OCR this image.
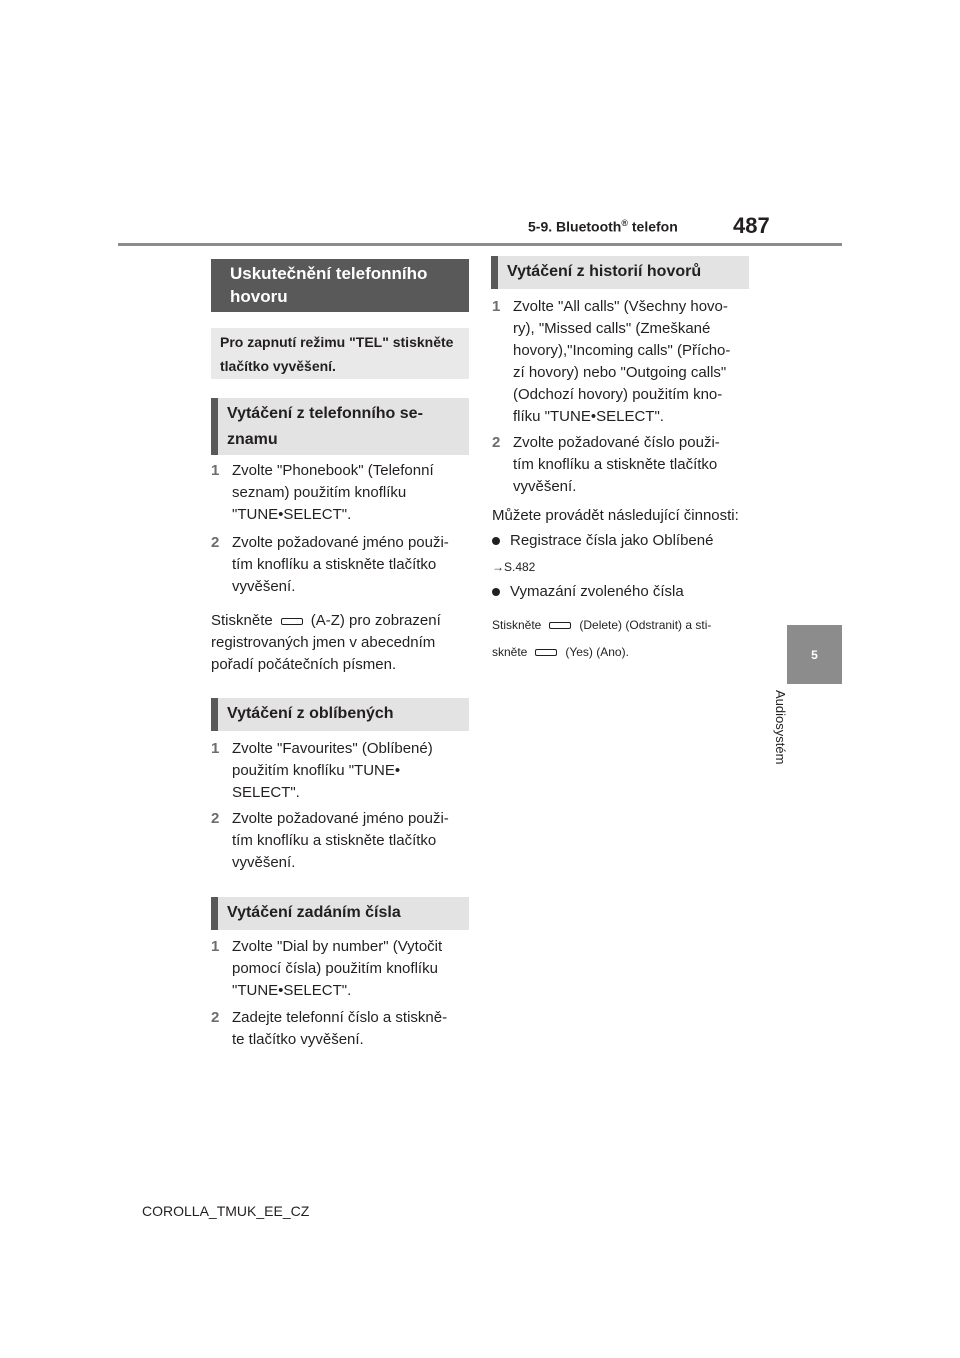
5-9. Bluetooth® telefon	487
5
Audiosystém
Uskutečnění telefonního hovoru
Pro zapnutí režimu "TEL" stiskněte tlačítko vyvěšení.
Vytáčení z telefonního se-znamu
1 Zvolte "Phonebook" (Telefonní
seznam) použitím knoflíku
"TUNE•SELECT".
2 Zvolte požadované jméno použi-
tím knoflíku a stiskněte tlačítko
vyvěšení.
Stiskněte	(A-Z) pro zobrazení
registrovaných jmen v abecedním
pořadí počátečních písmen.
Vytáčení z oblíbených
1 Zvolte "Favourites" (Oblíbené)
použitím knoflíku "TUNE•
SELECT".
2 Zvolte požadované jméno použi-
tím knoflíku a stiskněte tlačítko
vyvěšení.
Vytáčení zadáním čísla
1 Zvolte "Dial by number" (Vytočit
pomocí čísla) použitím knoflíku
"TUNE•SELECT".
2 Zadejte telefonní číslo a stiskně-
te tlačítko vyvěšení.
Vytáčení z historií hovorů
1 Zvolte "All calls" (Všechny hovo-
ry), "Missed calls" (Zmeškané
hovory),"Incoming calls" (Přícho-
zí hovory) nebo "Outgoing calls"
(Odchozí hovory) použitím kno-
flíku "TUNE•SELECT".
2 Zvolte požadované číslo použi-
tím knoflíku a stiskněte tlačítko
vyvěšení.
Můžete provádět následující činnosti:
Registrace čísla jako Oblíbené
→S.482
Vymazání zvoleného čísla
Stiskněte	(Delete) (Odstranit) a sti-
skněte	(Yes) (Ano).
COROLLA_TMUK_EE_CZ
